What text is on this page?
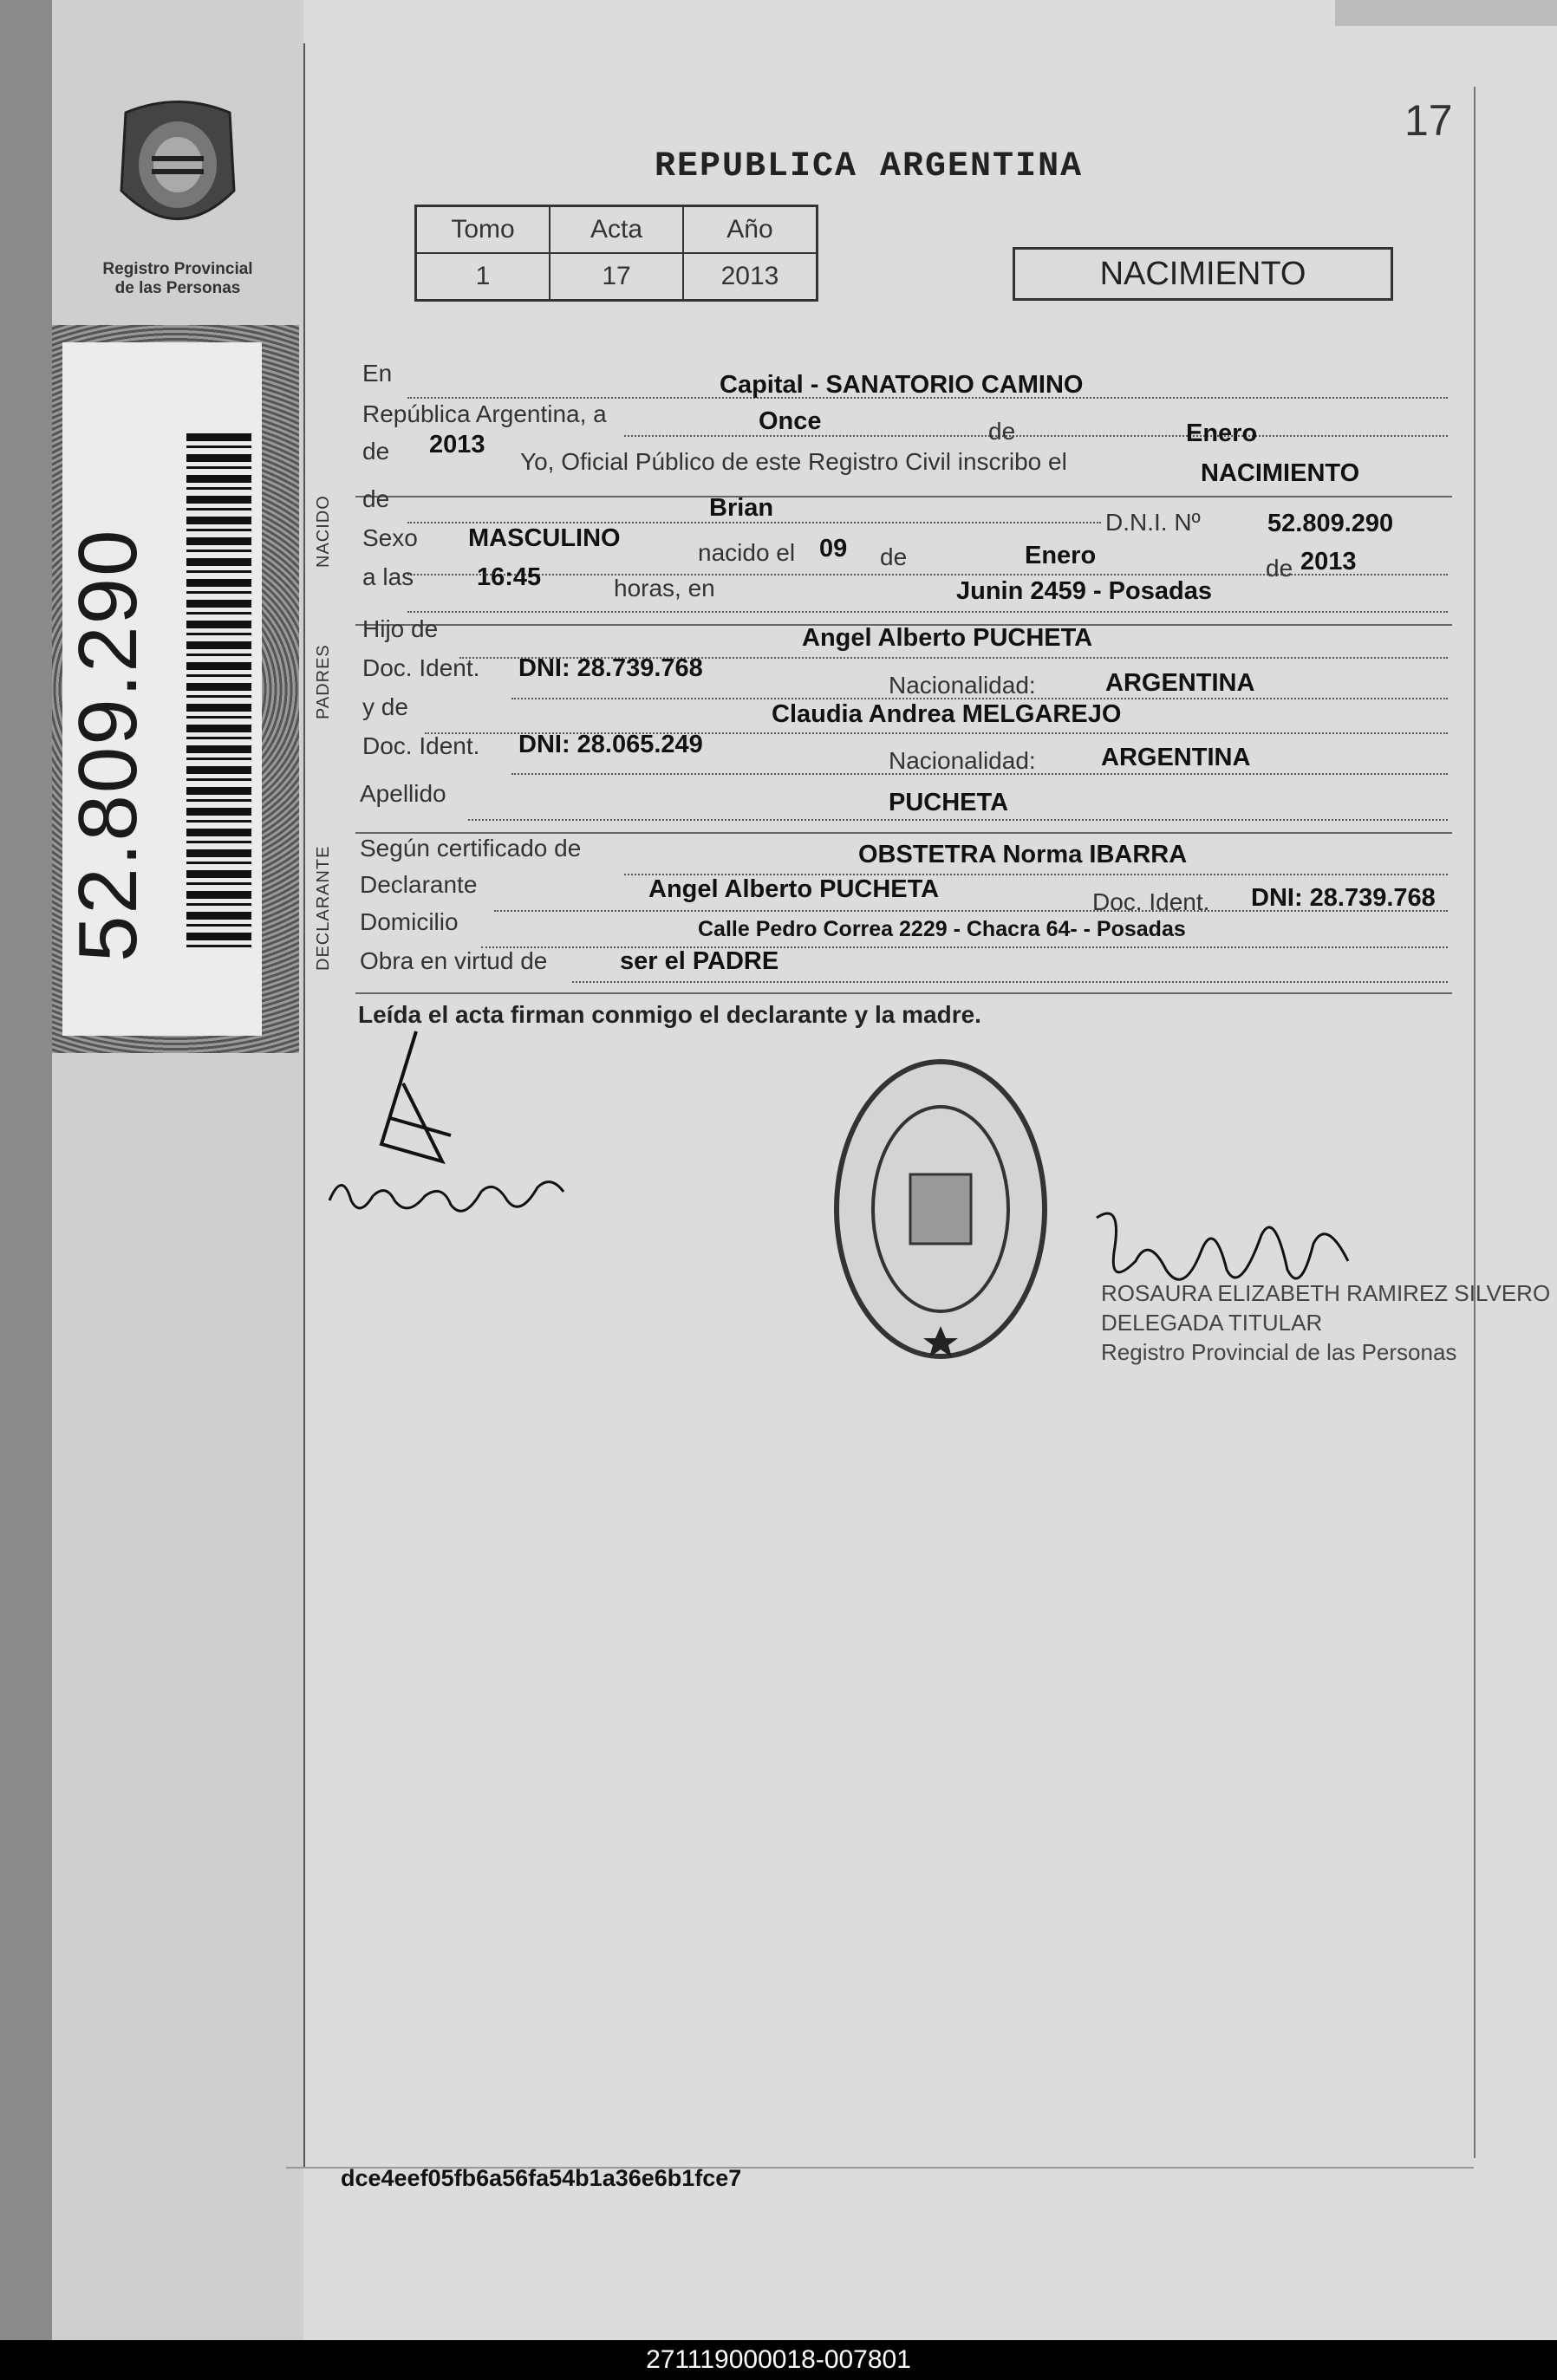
Registro Provincial
de las Personas
52.809.290
17
REPUBLICA ARGENTINA
Tomo	Acta	Año
1	17	2013	NACIMIENTO
En	Capital - SANATORIO CAMINO
República Argentina, a	Once	de	Enero
de 2013
Yo, Oficial Público de este Registro Civil inscribo el	NACIMIENTO
NACIDO de	Brian
D.N.I. Nº	52.809.290
Sexo MASCULINO
nacido el 09 de	Enero	de 2013
a las	16:45	horas, en	Junin 2459 - Posadas
PADRES
Hijo de	Angel Alberto PUCHETA
Doc. Ident. DNI: 28.739.768
Nacionalidad:	ARGENTINA
y de	Claudia Andrea MELGAREJO
Doc. Ident. DNI: 28.065.249
Nacionalidad:	ARGENTINA
Apellido	PUCHETA
DECLARANTE Según certificado de	OBSTETRA Norma IBARRA
Declarante	Angel Alberto PUCHETA	Doc. Ident. DNI: 28.739.768
Domicilio	Calle Pedro Correa 2229 - Chacra 64- - Posadas
Obra en virtud de	ser el PADRE
Leída el acta firman conmigo el declarante y la madre.
ROSAURA ELIZABETH RAMIREZ SILVERO
DELEGADA TITULAR
Registro Provincial de las Personas
dce4eef05fb6a56fa54b1a36e6b1fce7
271119000018-007801
